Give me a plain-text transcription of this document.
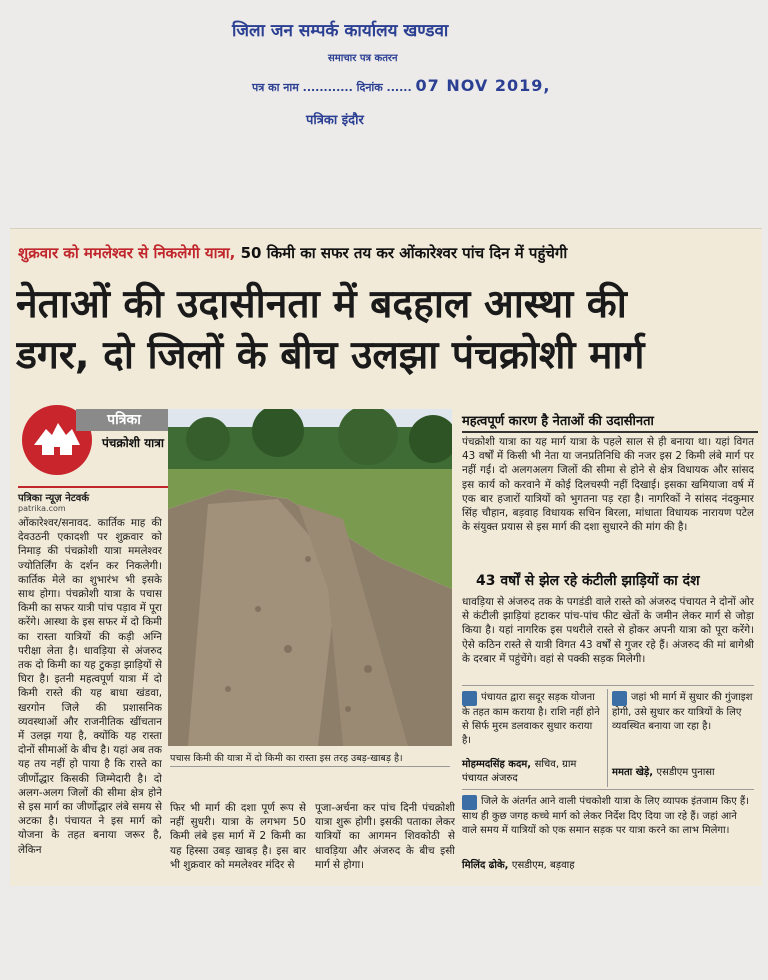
जिला जन सम्पर्क कार्यालय खण्डवा
समाचार पत्र कतरन
पत्र का नाम ............ दिनांक ...... 07 NOV 2019,
पत्रिका इंदौर
शुक्रवार को ममलेश्वर से निकलेगी यात्रा, 50 किमी का सफर तय कर ओंकारेश्वर पांच दिन में पहुंचेगी
नेताओं की उदासीनता में बदहाल आस्था की
डगर, दो जिलों के बीच उलझा पंचक्रोशी मार्ग
पत्रिका
पंचक्रोशी यात्रा
पत्रिका न्यूज़ नेटवर्क
patrika.com
ओंकारेश्वर/सनावद. कार्तिक माह की देवउठनी एकादशी पर शुक्रवार को निमाड़ की पंचक्रोशी यात्रा ममलेश्वर ज्योतिर्लिंग के दर्शन कर निकलेगी। कार्तिक मेले का शुभारंभ भी इसके साथ होगा। पंचक्रोशी यात्रा के पचास किमी का सफर यात्री पांच पड़ाव में पूरा करेंगे। आस्था के इस सफर में दो किमी का रास्ता यात्रियों की कड़ी अग्नि परीक्षा लेता है। धावड़िया से अंजरुद तक दो किमी का यह टुकड़ा झाड़ियों से घिरा है। इतनी महत्वपूर्ण यात्रा में दो किमी रास्ते की यह बाधा खंडवा, खरगोन जिले की प्रशासनिक व्यवस्थाओं और राजनीतिक खींचतान में उलझ गया है, क्योंकि यह रास्ता दोनों सीमाओं के बीच है। यहां अब तक यह तय नहीं हो पाया है कि रास्ते का जीर्णोद्धार किसकी जिम्मेदारी है। दो अलग-अलग जिलों की सीमा क्षेत्र होने से इस मार्ग का जीर्णोद्धार लंबे समय से अटका है। पंचायत ने इस मार्ग को योजना के तहत बनाया जरूर है, लेकिन
पचास किमी की यात्रा में दो किमी का रास्ता इस तरह उबड़-खाबड़ है।
फिर भी मार्ग की दशा पूर्ण रूप से नहीं सुधरी। यात्रा के लगभग 50 किमी लंबे इस मार्ग में 2 किमी का यह हिस्सा उबड़ खाबड़ है। इस बार भी शुक्रवार को ममलेश्वर मंदिर से
पूजा-अर्चना कर पांच दिनी पंचक्रोशी यात्रा शुरू होगी। इसकी पताका लेकर यात्रियों का आगमन शिवकोठी से धावड़िया और अंजरुद के बीच इसी मार्ग से होगा।
महत्वपूर्ण कारण है नेताओं की उदासीनता
पंचक्रोशी यात्रा का यह मार्ग यात्रा के पहले साल से ही बनाया था। यहां विगत 43 वर्षों में किसी भी नेता या जनप्रतिनिधि की नजर इस 2 किमी लंबे मार्ग पर नहीं गई। दो अलगअलग जिलों की सीमा से होने से क्षेत्र विधायक और सांसद इस कार्य को करवाने में कोई दिलचस्पी नहीं दिखाई। इसका खमियाजा वर्ष में एक बार हजारों यात्रियों को भुगतना पड़ रहा है। नागरिकों ने सांसद नंदकुमार सिंह चौहान, बड़वाह विधायक सचिन बिरला, मांधाता विधायक नारायण पटेल के संयुक्त प्रयास से इस मार्ग की दशा सुधारने की मांग की है।
43 वर्षों से झेल रहे कंटीली झाड़ियों का दंश
धावड़िया से अंजरुद तक के पगडंडी वाले रास्ते को अंजरुद पंचायत ने दोनों ओर से कंटीली झाड़ियां हटाकर पांच-पांच फीट खेतों के जमीन लेकर मार्ग से जोड़ा किया है। यहां नागरिक इस पथरीले रास्ते से होकर अपनी यात्रा को पूरा करेंगे। ऐसे कठिन रास्ते से यात्री विगत 43 वर्षों से गुजर रहे हैं। अंजरुद की मां बागेश्री के दरबार में पहुंचेंगे। वहां से पक्की सड़क मिलेगी।
पंचायत द्वारा सदूर सड़क योजना के तहत काम कराया है। राशि नहीं होने से सिर्फ मुरम डलवाकर सुधार कराया है।
मोहम्मदसिंह कदम, सचिव, ग्राम पंचायत अंजरुद
जहां भी मार्ग में सुधार की गुंजाइश होगी, उसे सुधार कर यात्रियों के लिए व्यवस्थित बनाया जा रहा है।
ममता खेड़े, एसडीएम पुनासा
जिले के अंतर्गत आने वाली पंचकोशी यात्रा के लिए व्यापक इंतजाम किए हैं। साथ ही कुछ जगह कच्चे मार्ग को लेकर निर्देश दिए दिया जा रहे हैं। जहां आने वाले समय में यात्रियों को एक समान सड़क पर यात्रा करने का लाभ मिलेगा।
मिलिंद ढोके, एसडीएम, बड़वाह
